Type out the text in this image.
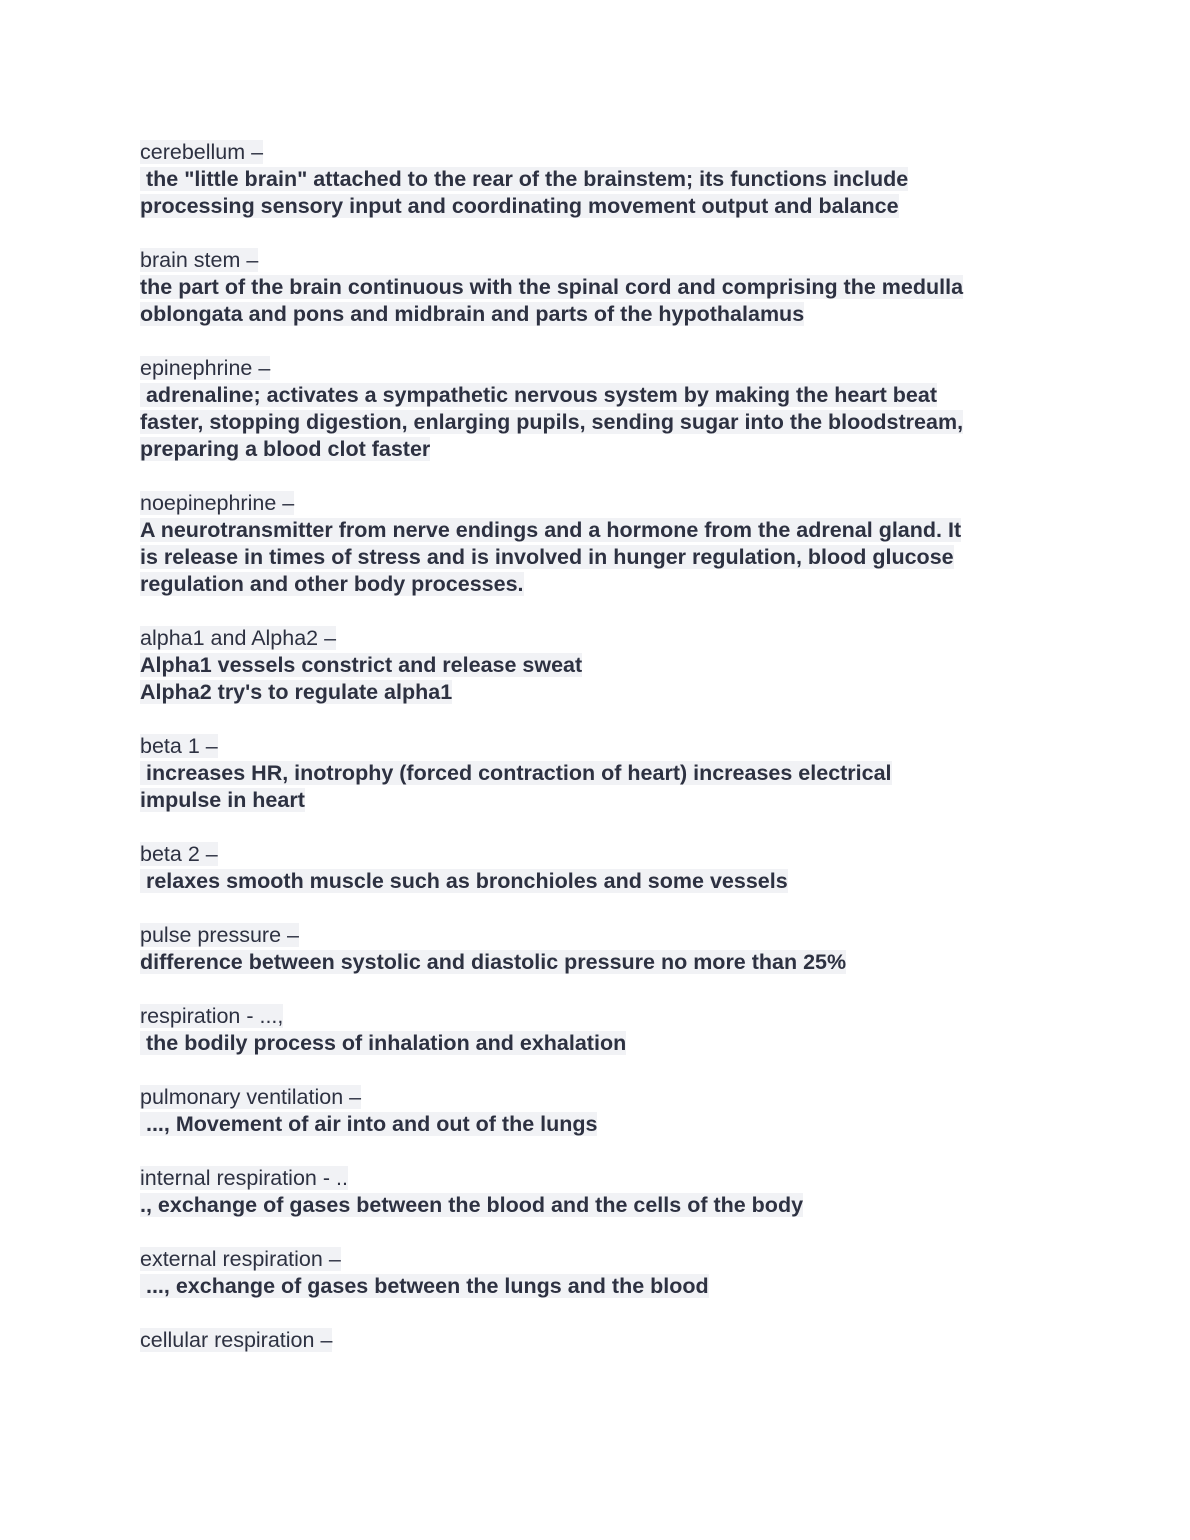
cerebellum –
the "little brain" attached to the rear of the brainstem; its functions include
processing sensory input and coordinating movement output and balance
brain stem –
the part of the brain continuous with the spinal cord and comprising the medulla
oblongata and pons and midbrain and parts of the hypothalamus
epinephrine –
adrenaline; activates a sympathetic nervous system by making the heart beat
faster, stopping digestion, enlarging pupils, sending sugar into the bloodstream,
preparing a blood clot faster
noepinephrine –
A neurotransmitter from nerve endings and a hormone from the adrenal gland. It
is release in times of stress and is involved in hunger regulation, blood glucose
regulation and other body processes.
alpha1 and Alpha2 –
Alpha1 vessels constrict and release sweat
Alpha2 try's to regulate alpha1
beta 1 –
increases HR, inotrophy (forced contraction of heart) increases electrical
impulse in heart
beta 2 –
relaxes smooth muscle such as bronchioles and some vessels
pulse pressure –
difference between systolic and diastolic pressure no more than 25%
respiration - ...,
the bodily process of inhalation and exhalation
pulmonary ventilation –
..., Movement of air into and out of the lungs
internal respiration - ..
., exchange of gases between the blood and the cells of the body
external respiration –
..., exchange of gases between the lungs and the blood
cellular respiration –
